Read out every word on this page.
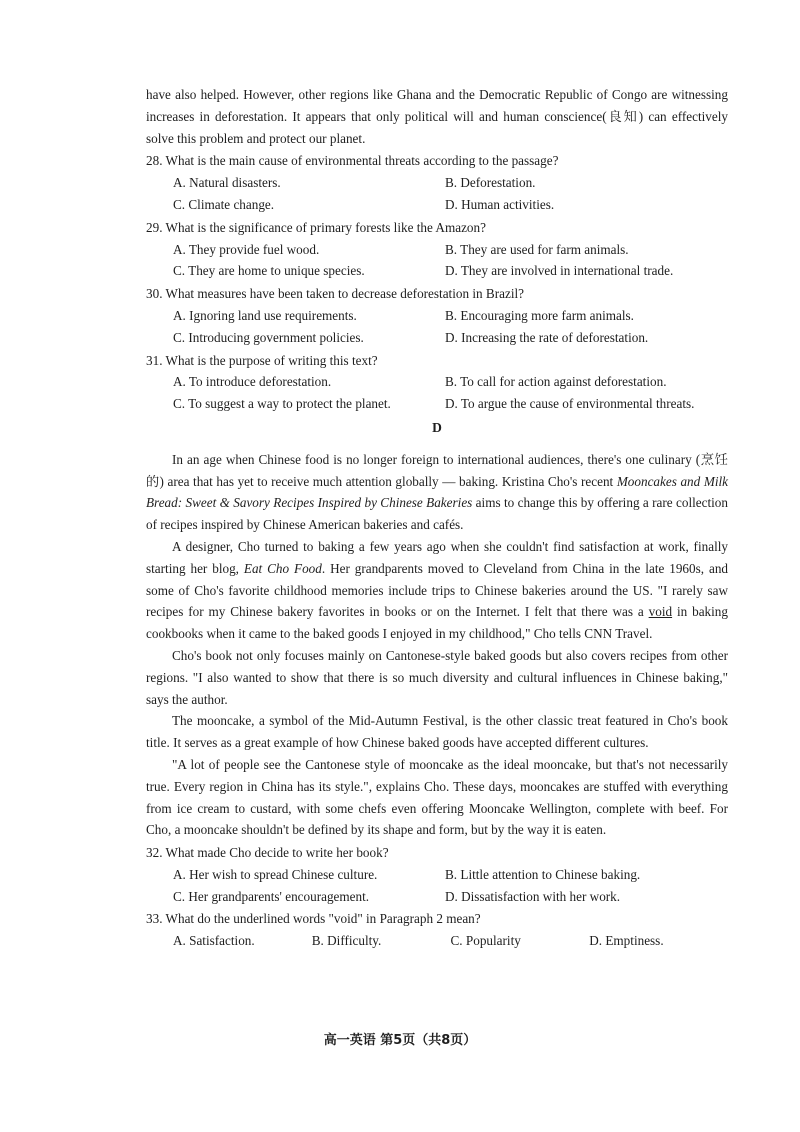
have also helped. However, other regions like Ghana and the Democratic Republic of Congo are witnessing increases in deforestation. It appears that only political will and human conscience(良知) can effectively solve this problem and protect our planet.

28. What is the main cause of environmental threats according to the passage?
A. Natural disasters.	B. Deforestation.
C. Climate change.	D. Human activities.
29. What is the significance of primary forests like the Amazon?
A. They provide fuel wood.	B. They are used for farm animals.
C. They are home to unique species.	D. They are involved in international trade.
30. What measures have been taken to decrease deforestation in Brazil?
A. Ignoring land use requirements.	B. Encouraging more farm animals.
C. Introducing government policies.	D. Increasing the rate of deforestation.
31. What is the purpose of writing this text?
A. To introduce deforestation.	B. To call for action against deforestation.
C. To suggest a way to protect the planet.	D. To argue the cause of environmental threats.
D

In an age when Chinese food is no longer foreign to international audiences, there's one culinary (烹饪的) area that has yet to receive much attention globally — baking. Kristina Cho's recent Mooncakes and Milk Bread: Sweet & Savory Recipes Inspired by Chinese Bakeries aims to change this by offering a rare collection of recipes inspired by Chinese American bakeries and cafés.

A designer, Cho turned to baking a few years ago when she couldn't find satisfaction at work, finally starting her blog, Eat Cho Food. Her grandparents moved to Cleveland from China in the late 1960s, and some of Cho's favorite childhood memories include trips to Chinese bakeries around the US. "I rarely saw recipes for my Chinese bakery favorites in books or on the Internet. I felt that there was a void in baking cookbooks when it came to the baked goods I enjoyed in my childhood," Cho tells CNN Travel.

Cho's book not only focuses mainly on Cantonese-style baked goods but also covers recipes from other regions. "I also wanted to show that there is so much diversity and cultural influences in Chinese baking," says the author.

The mooncake, a symbol of the Mid-Autumn Festival, is the other classic treat featured in Cho's book title. It serves as a great example of how Chinese baked goods have accepted different cultures.

"A lot of people see the Cantonese style of mooncake as the ideal mooncake, but that's not necessarily true. Every region in China has its style.", explains Cho. These days, mooncakes are stuffed with everything from ice cream to custard, with some chefs even offering Mooncake Wellington, complete with beef. For Cho, a mooncake shouldn't be defined by its shape and form, but by the way it is eaten.

32. What made Cho decide to write her book?
A. Her wish to spread Chinese culture.	B. Little attention to Chinese baking.
C. Her grandparents' encouragement.	D. Dissatisfaction with her work.
33. What do the underlined words "void" in Paragraph 2 mean?
A. Satisfaction.	B. Difficulty.	C. Popularity	D. Emptiness.
高一英语 第5页（共8页）
